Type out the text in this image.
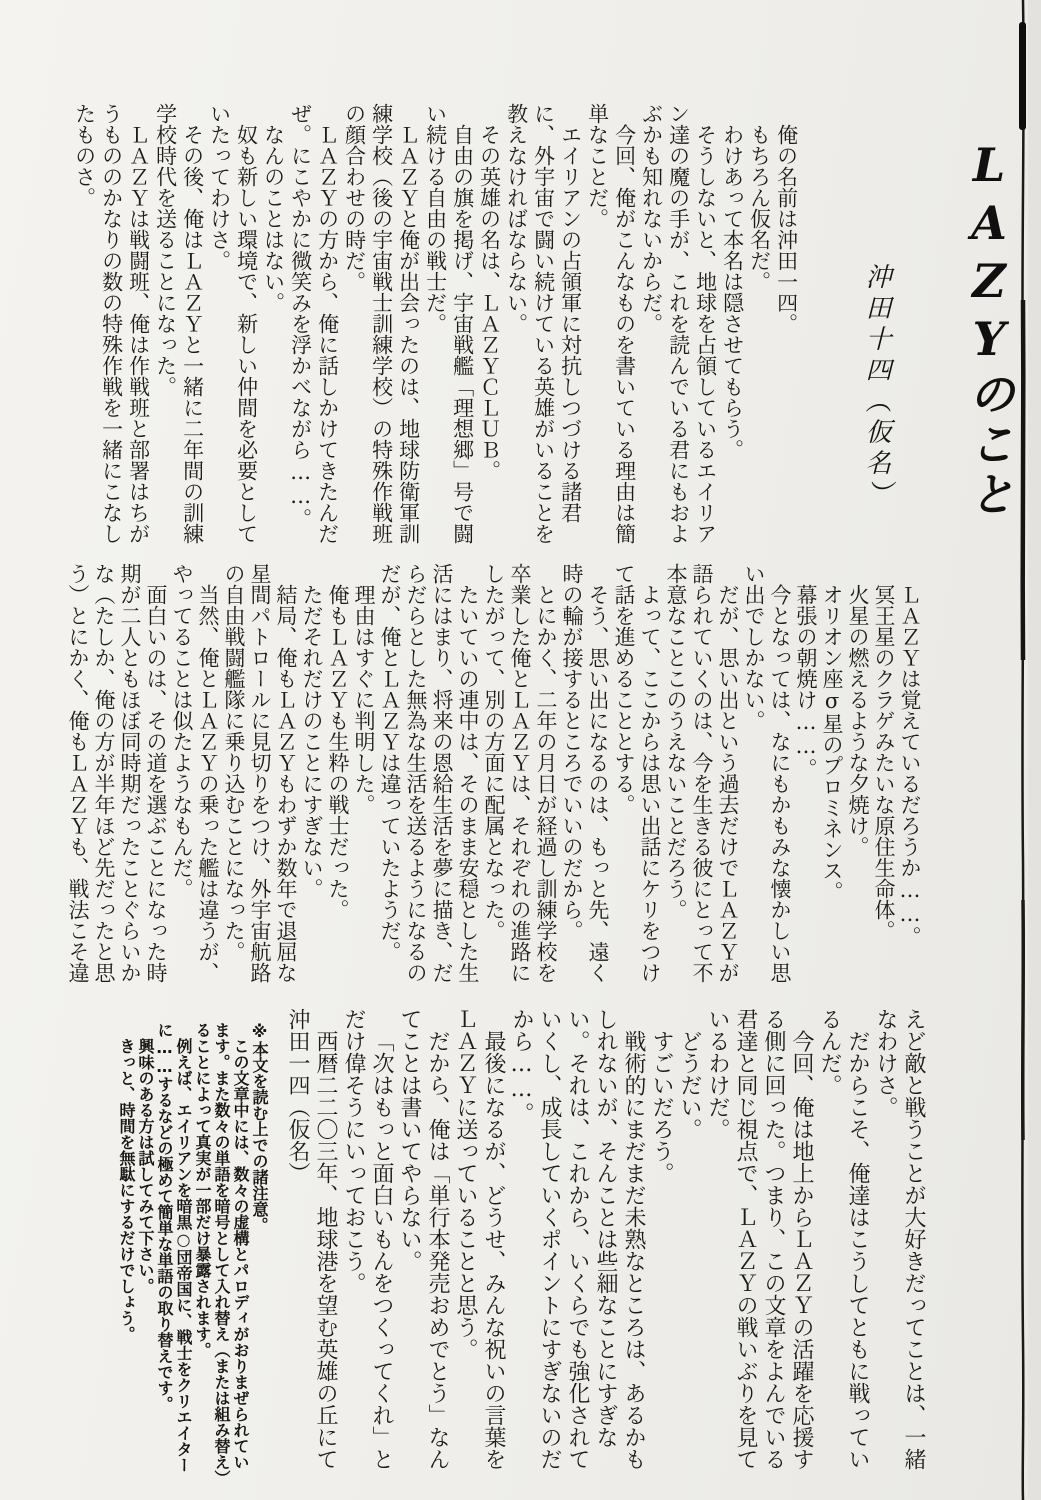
LAZYのこと
沖田十四（仮名）

俺の名前は沖田一四。

もちろん仮名だ。

わけあって本名は隠させてもらう。

そうしないと、地球を占領しているエイリアン達の魔の手が、これを読んでいる君にもおよぶかも知れないからだ。

今回、俺がこんなものを書いている理由は簡単なことだ。

エイリアンの占領軍に対抗しつづける諸君に、外宇宙で闘い続けている英雄がいることを教えなければならない。

その英雄の名は、ＬＡＺＹＣＬＵＢ。

自由の旗を掲げ、宇宙戦艦「理想郷」号で闘い続ける自由の戦士だ。

ＬＡＺＹと俺が出会ったのは、地球防衛軍訓練学校（後の宇宙戦士訓練学校）の特殊作戦班の顔合わせの時だ。

ＬＡＺＹの方から、俺に話しかけてきたんだぜ。にこやかに微笑みを浮かべながら……。

なんのことはない。

奴も新しい環境で、新しい仲間を必要としていたってわけさ。

その後、俺はＬＡＺＹと一緒に二年間の訓練学校時代を送ることになった。

ＬＡＺＹは戦闘班、俺は作戦班と部署はちがうもののかなりの数の特殊作戦を一緒にこなしたものさ。

ＬＡＺＹは覚えているだろうか……。

冥王星のクラゲみたいな原住生命体。

火星の燃えるような夕焼け。

オリオン座σ星のプロミネンス。

幕張の朝焼け……。

今となっては、なにもかもみな懐かしい思い出でしかない。

だが、思い出という過去だけでＬＡＺＹが語られていくのは、今を生きる彼にとって不本意なことこのうえないことだろう。

よって、ここからは思い出話にケリをつけて話を進めることとする。

そう、思い出になるのは、もっと先、遠く時の輪が接するところでいいのだから。

とにかく、二年の月日が経過し訓練学校を卒業した俺とＬＡＺＹは、それぞれの進路にしたがって、別の方面に配属となった。

たいていの連中は、そのまま安穏とした生活にはまり、将来の恩給生活を夢に描き、だらだらとした無為な生活を送るようになるのだが、俺とＬＡＺＹは違っていたようだ。

理由はすぐに判明した。

俺もＬＡＺＹも生粋の戦士だった。

ただそれだけのことにすぎない。

結局、俺もＬＡＺＹもわずか数年で退屈な星間パトロールに見切りをつけ、外宇宙航路の自由戦闘艦隊に乗り込むことになった。

当然、俺とＬＡＺＹの乗った艦は違うが、やってることは似たようなもんだ。

面白いのは、その道を選ぶことになった時期が二人ともほぼ同時期だったことぐらいかな（たしか、俺の方が半年ほど先だったと思う）とにかく、俺もＬＡＺＹも、戦法こそ違

えど敵と戦うことが大好きだってことは、一緒なわけさ。

だからこそ、俺達はこうしてともに戦っているんだ。

今回、俺は地上からＬＡＺＹの活躍を応援する側に回った。つまり、この文章をよんでいる君達と同じ視点で、ＬＡＺＹの戦いぶりを見ているわけだ。

どうだい。

すごいだろう。

戦術的にまだまだ未熟なところは、あるかもしれないが、そんことは些細なことにすぎない。それは、これから、いくらでも強化されていくし、成長していくポイントにすぎないのだから……。

最後になるが、どうせ、みんな祝いの言葉をＬＡＺＹに送っていることと思う。

だから、俺は「単行本発売おめでとう」なんてことは書いてやらない。

「次はもっと面白いもんをつくってくれ」とだけ偉そうにいっておこう。

西暦二二〇三年、地球港を望む英雄の丘にて

沖田一四（仮名）

※本文を読む上での諸注意。

この文章中には、数々の虚構とパロディがおりまぜられています。また数々の単語を暗号として入れ替え（または組み替え）ることによって真実が一部だけ暴露されます。

例えば、エイリアンを暗黒○団帝国に、戦士をクリエイターに……するなどの極めて簡単な単語の取り替えです。

興味のある方は試してみて下さい。

きっと、時間を無駄にするだけでしょう。
